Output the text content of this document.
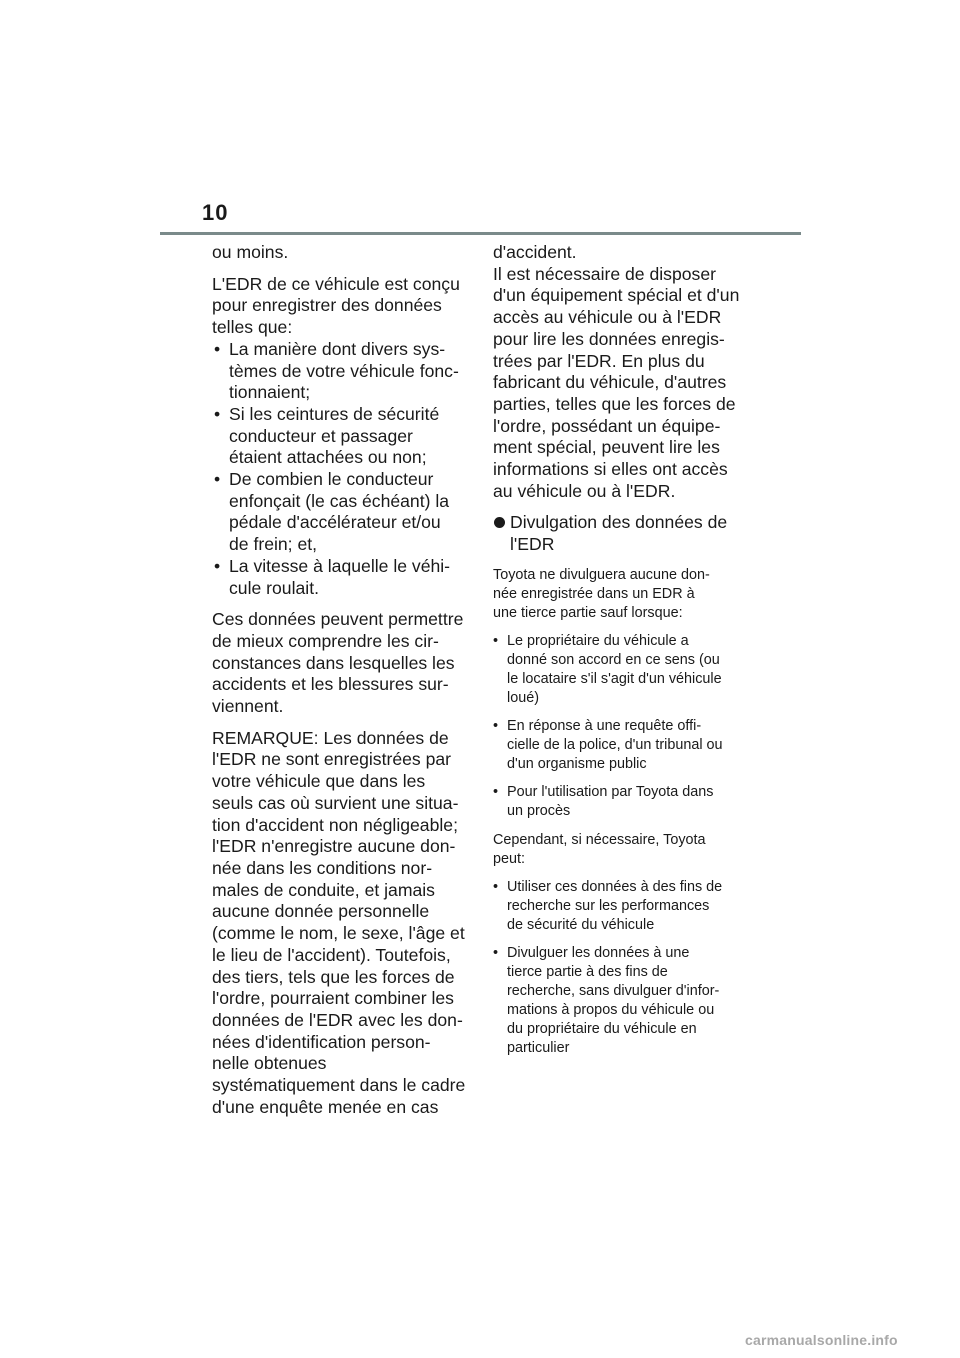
10

ou moins.

L'EDR de ce véhicule est conçu
pour enregistrer des données
telles que:

• La manière dont divers sys-
tèmes de votre véhicule fonc-
tionnaient;
• Si les ceintures de sécurité
conducteur et passager
étaient attachées ou non;
• De combien le conducteur
enfonçait (le cas échéant) la
pédale d'accélérateur et/ou
de frein; et,
• La vitesse à laquelle le véhi-
cule roulait.

Ces données peuvent permettre
de mieux comprendre les cir-
constances dans lesquelles les
accidents et les blessures sur-
viennent.

REMARQUE: Les données de
l'EDR ne sont enregistrées par
votre véhicule que dans les
seuls cas où survient une situa-
tion d'accident non négligeable;
l'EDR n'enregistre aucune don-
née dans les conditions nor-
males de conduite, et jamais
aucune donnée personnelle
(comme le nom, le sexe, l'âge et
le lieu de l'accident). Toutefois,
des tiers, tels que les forces de
l'ordre, pourraient combiner les
données de l'EDR avec les don-
nées d'identification person-
nelle obtenues
systématiquement dans le cadre
d'une enquête menée en cas

d'accident.
Il est nécessaire de disposer
d'un équipement spécial et d'un
accès au véhicule ou à l'EDR
pour lire les données enregis-
trées par l'EDR. En plus du
fabricant du véhicule, d'autres
parties, telles que les forces de
l'ordre, possédant un équipe-
ment spécial, peuvent lire les
informations si elles ont accès
au véhicule ou à l'EDR.

Divulgation des données de
l'EDR

Toyota ne divulguera aucune don-
née enregistrée dans un EDR à
une tierce partie sauf lorsque:

• Le propriétaire du véhicule a
donné son accord en ce sens (ou
le locataire s'il s'agit d'un véhicule
loué)
• En réponse à une requête offi-
cielle de la police, d'un tribunal ou
d'un organisme public
• Pour l'utilisation par Toyota dans
un procès

Cependant, si nécessaire, Toyota
peut:

• Utiliser ces données à des fins de
recherche sur les performances
de sécurité du véhicule
• Divulguer les données à une
tierce partie à des fins de
recherche, sans divulguer d'infor-
mations à propos du véhicule ou
du propriétaire du véhicule en
particulier
carmanualsonline.info
